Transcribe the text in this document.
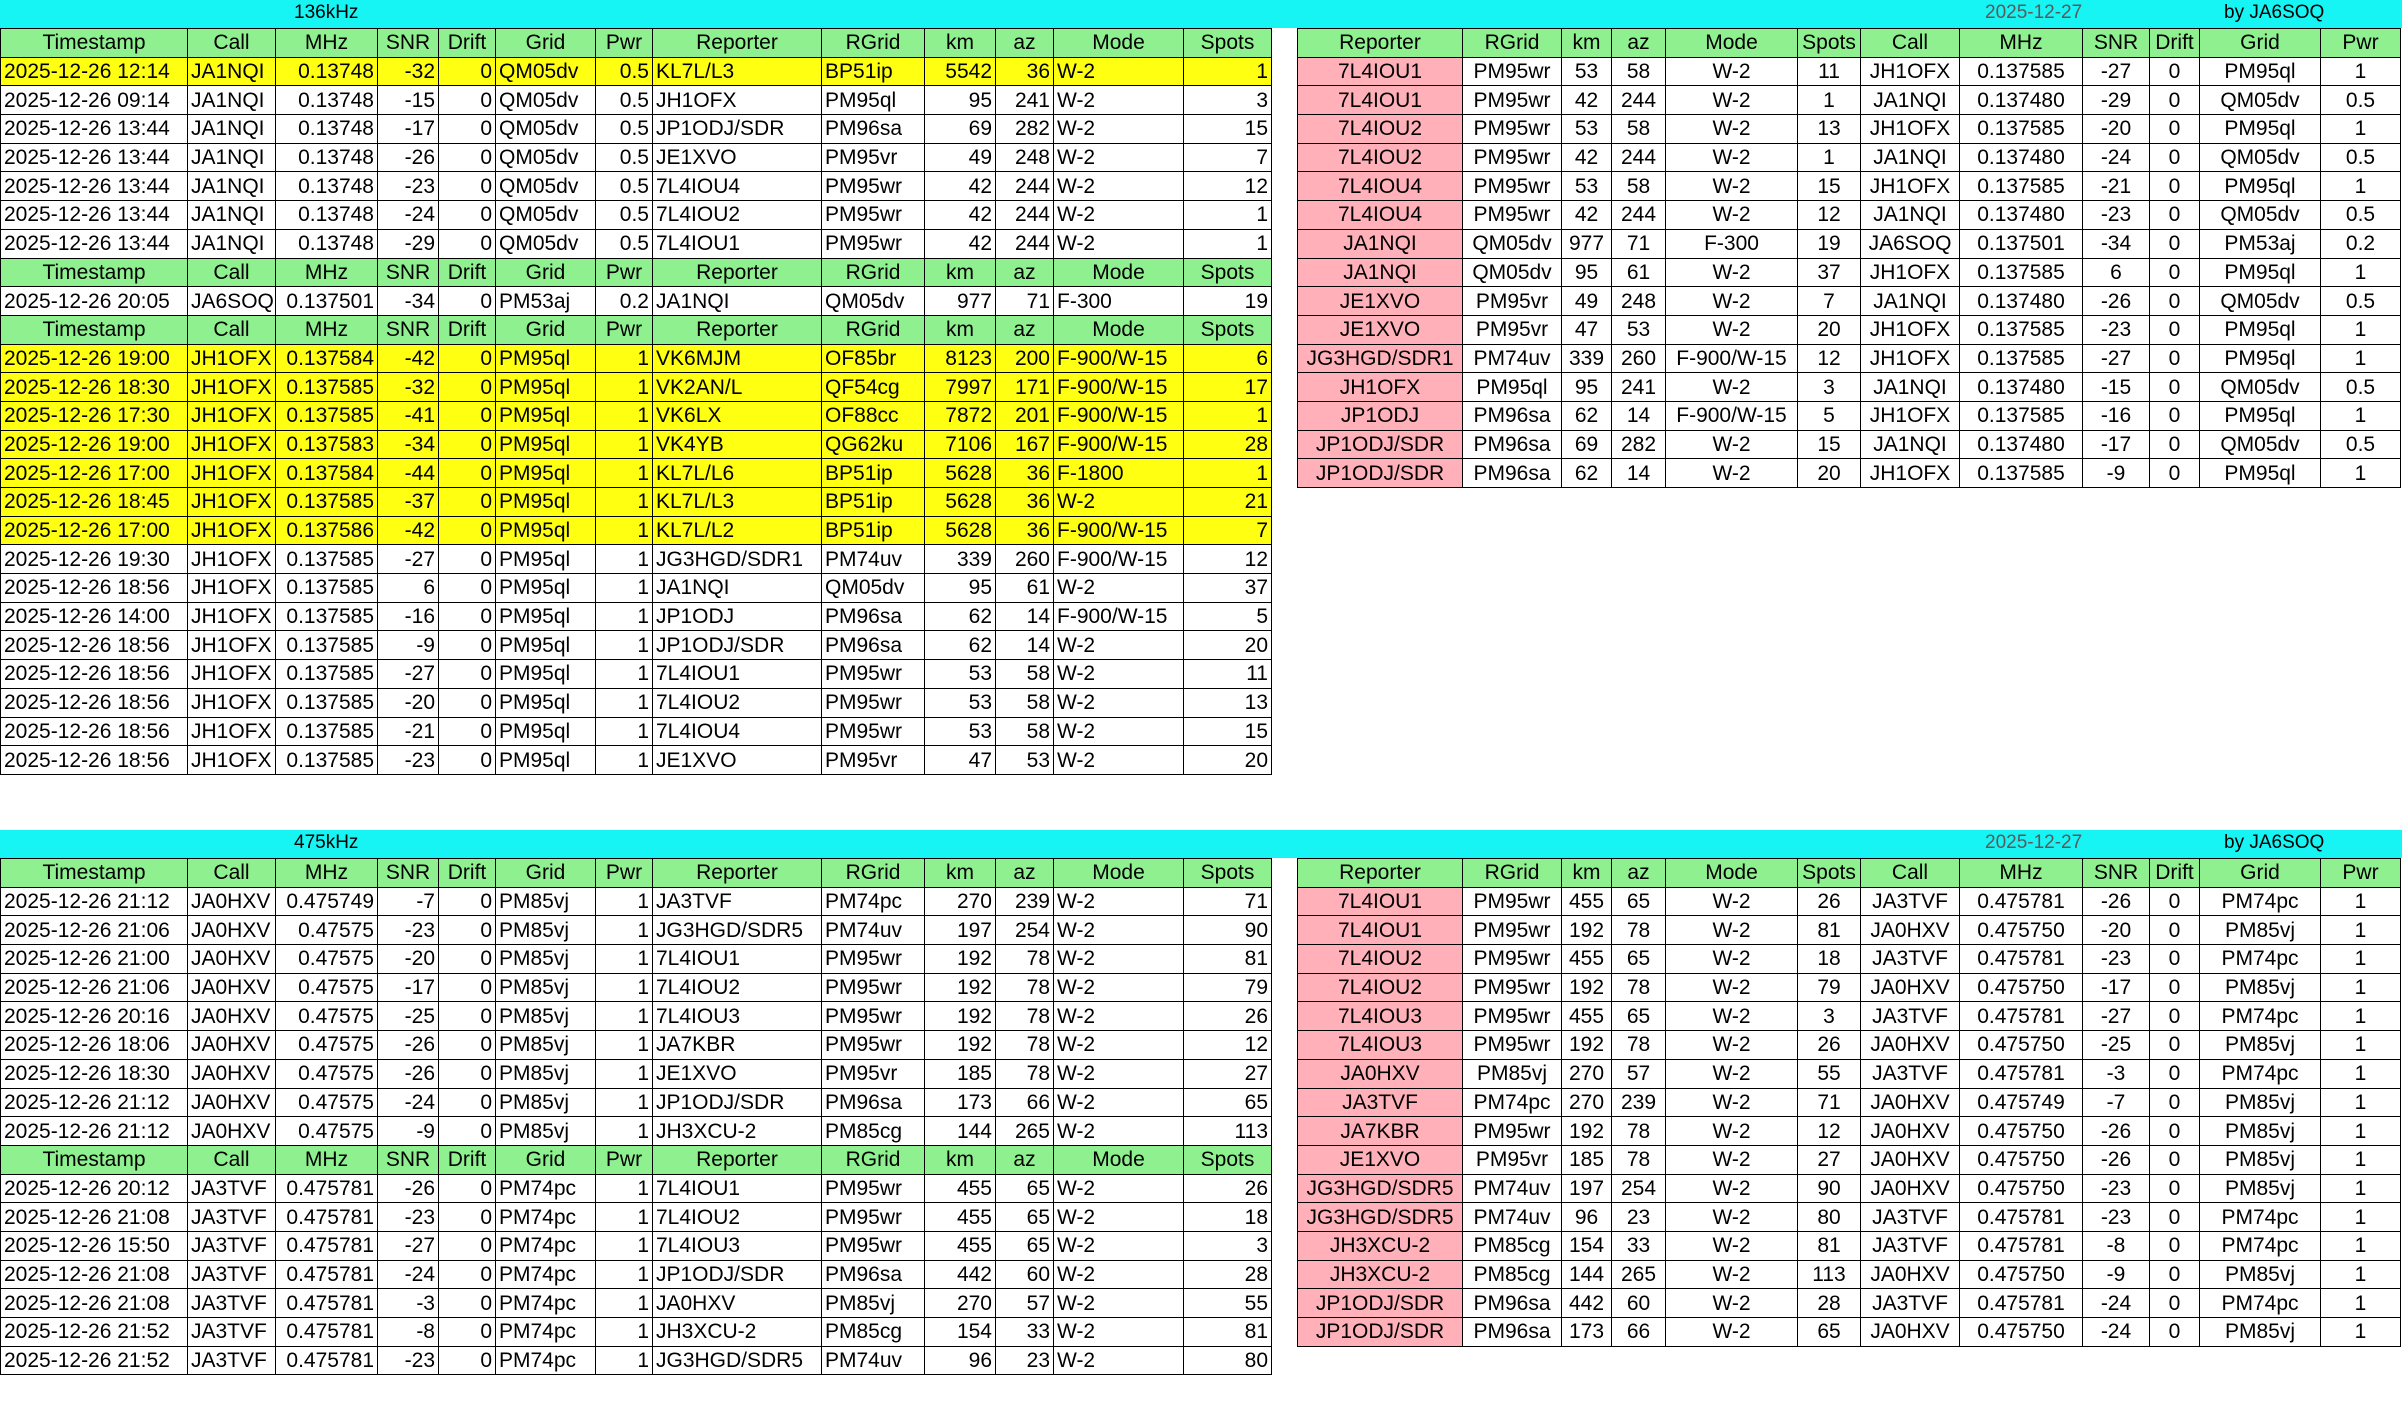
136kHz	2025-12-27	by JA6SOQ
Timestamp	Call	MHz	SNR	Drift	Grid	Pwr	Reporter	RGrid	km	az	Mode	Spots
2025-12-26 12:14	JA1NQI	0.13748	-32	0	QM05dv	0.5	KL7L/L3	BP51ip	5542	36	W-2	1
2025-12-26 09:14	JA1NQI	0.13748	-15	0	QM05dv	0.5	JH1OFX	PM95ql	95	241	W-2	3
2025-12-26 13:44	JA1NQI	0.13748	-17	0	QM05dv	0.5	JP1ODJ/SDR	PM96sa	69	282	W-2	15
2025-12-26 13:44	JA1NQI	0.13748	-26	0	QM05dv	0.5	JE1XVO	PM95vr	49	248	W-2	7
2025-12-26 13:44	JA1NQI	0.13748	-23	0	QM05dv	0.5	7L4IOU4	PM95wr	42	244	W-2	12
2025-12-26 13:44	JA1NQI	0.13748	-24	0	QM05dv	0.5	7L4IOU2	PM95wr	42	244	W-2	1
2025-12-26 13:44	JA1NQI	0.13748	-29	0	QM05dv	0.5	7L4IOU1	PM95wr	42	244	W-2	1
Timestamp	Call	MHz	SNR	Drift	Grid	Pwr	Reporter	RGrid	km	az	Mode	Spots
2025-12-26 20:05	JA6SOQ	0.137501	-34	0	PM53aj	0.2	JA1NQI	QM05dv	977	71	F-300	19
Timestamp	Call	MHz	SNR	Drift	Grid	Pwr	Reporter	RGrid	km	az	Mode	Spots
2025-12-26 19:00	JH1OFX	0.137584	-42	0	PM95ql	1	VK6MJM	OF85br	8123	200	F-900/W-15	6
2025-12-26 18:30	JH1OFX	0.137585	-32	0	PM95ql	1	VK2AN/L	QF54cg	7997	171	F-900/W-15	17
2025-12-26 17:30	JH1OFX	0.137585	-41	0	PM95ql	1	VK6LX	OF88cc	7872	201	F-900/W-15	1
2025-12-26 19:00	JH1OFX	0.137583	-34	0	PM95ql	1	VK4YB	QG62ku	7106	167	F-900/W-15	28
2025-12-26 17:00	JH1OFX	0.137584	-44	0	PM95ql	1	KL7L/L6	BP51ip	5628	36	F-1800	1
2025-12-26 18:45	JH1OFX	0.137585	-37	0	PM95ql	1	KL7L/L3	BP51ip	5628	36	W-2	21
2025-12-26 17:00	JH1OFX	0.137586	-42	0	PM95ql	1	KL7L/L2	BP51ip	5628	36	F-900/W-15	7
2025-12-26 19:30	JH1OFX	0.137585	-27	0	PM95ql	1	JG3HGD/SDR1	PM74uv	339	260	F-900/W-15	12
2025-12-26 18:56	JH1OFX	0.137585	6	0	PM95ql	1	JA1NQI	QM05dv	95	61	W-2	37
2025-12-26 14:00	JH1OFX	0.137585	-16	0	PM95ql	1	JP1ODJ	PM96sa	62	14	F-900/W-15	5
2025-12-26 18:56	JH1OFX	0.137585	-9	0	PM95ql	1	JP1ODJ/SDR	PM96sa	62	14	W-2	20
2025-12-26 18:56	JH1OFX	0.137585	-27	0	PM95ql	1	7L4IOU1	PM95wr	53	58	W-2	11
2025-12-26 18:56	JH1OFX	0.137585	-20	0	PM95ql	1	7L4IOU2	PM95wr	53	58	W-2	13
2025-12-26 18:56	JH1OFX	0.137585	-21	0	PM95ql	1	7L4IOU4	PM95wr	53	58	W-2	15
2025-12-26 18:56	JH1OFX	0.137585	-23	0	PM95ql	1	JE1XVO	PM95vr	47	53	W-2	20
Reporter	RGrid	km	az	Mode	Spots	Call	MHz	SNR	Drift	Grid	Pwr
7L4IOU1	PM95wr	53	58	W-2	11	JH1OFX	0.137585	-27	0	PM95ql	1
7L4IOU1	PM95wr	42	244	W-2	1	JA1NQI	0.137480	-29	0	QM05dv	0.5
7L4IOU2	PM95wr	53	58	W-2	13	JH1OFX	0.137585	-20	0	PM95ql	1
7L4IOU2	PM95wr	42	244	W-2	1	JA1NQI	0.137480	-24	0	QM05dv	0.5
7L4IOU4	PM95wr	53	58	W-2	15	JH1OFX	0.137585	-21	0	PM95ql	1
7L4IOU4	PM95wr	42	244	W-2	12	JA1NQI	0.137480	-23	0	QM05dv	0.5
JA1NQI	QM05dv	977	71	F-300	19	JA6SOQ	0.137501	-34	0	PM53aj	0.2
JA1NQI	QM05dv	95	61	W-2	37	JH1OFX	0.137585	6	0	PM95ql	1
JE1XVO	PM95vr	49	248	W-2	7	JA1NQI	0.137480	-26	0	QM05dv	0.5
JE1XVO	PM95vr	47	53	W-2	20	JH1OFX	0.137585	-23	0	PM95ql	1
JG3HGD/SDR1	PM74uv	339	260	F-900/W-15	12	JH1OFX	0.137585	-27	0	PM95ql	1
JH1OFX	PM95ql	95	241	W-2	3	JA1NQI	0.137480	-15	0	QM05dv	0.5
JP1ODJ	PM96sa	62	14	F-900/W-15	5	JH1OFX	0.137585	-16	0	PM95ql	1
JP1ODJ/SDR	PM96sa	69	282	W-2	15	JA1NQI	0.137480	-17	0	QM05dv	0.5
JP1ODJ/SDR	PM96sa	62	14	W-2	20	JH1OFX	0.137585	-9	0	PM95ql	1
475kHz	2025-12-27	by JA6SOQ
Timestamp	Call	MHz	SNR	Drift	Grid	Pwr	Reporter	RGrid	km	az	Mode	Spots
2025-12-26 21:12	JA0HXV	0.475749	-7	0	PM85vj	1	JA3TVF	PM74pc	270	239	W-2	71
2025-12-26 21:06	JA0HXV	0.47575	-23	0	PM85vj	1	JG3HGD/SDR5	PM74uv	197	254	W-2	90
2025-12-26 21:00	JA0HXV	0.47575	-20	0	PM85vj	1	7L4IOU1	PM95wr	192	78	W-2	81
2025-12-26 21:06	JA0HXV	0.47575	-17	0	PM85vj	1	7L4IOU2	PM95wr	192	78	W-2	79
2025-12-26 20:16	JA0HXV	0.47575	-25	0	PM85vj	1	7L4IOU3	PM95wr	192	78	W-2	26
2025-12-26 18:06	JA0HXV	0.47575	-26	0	PM85vj	1	JA7KBR	PM95wr	192	78	W-2	12
2025-12-26 18:30	JA0HXV	0.47575	-26	0	PM85vj	1	JE1XVO	PM95vr	185	78	W-2	27
2025-12-26 21:12	JA0HXV	0.47575	-24	0	PM85vj	1	JP1ODJ/SDR	PM96sa	173	66	W-2	65
2025-12-26 21:12	JA0HXV	0.47575	-9	0	PM85vj	1	JH3XCU-2	PM85cg	144	265	W-2	113
Timestamp	Call	MHz	SNR	Drift	Grid	Pwr	Reporter	RGrid	km	az	Mode	Spots
2025-12-26 20:12	JA3TVF	0.475781	-26	0	PM74pc	1	7L4IOU1	PM95wr	455	65	W-2	26
2025-12-26 21:08	JA3TVF	0.475781	-23	0	PM74pc	1	7L4IOU2	PM95wr	455	65	W-2	18
2025-12-26 15:50	JA3TVF	0.475781	-27	0	PM74pc	1	7L4IOU3	PM95wr	455	65	W-2	3
2025-12-26 21:08	JA3TVF	0.475781	-24	0	PM74pc	1	JP1ODJ/SDR	PM96sa	442	60	W-2	28
2025-12-26 21:08	JA3TVF	0.475781	-3	0	PM74pc	1	JA0HXV	PM85vj	270	57	W-2	55
2025-12-26 21:52	JA3TVF	0.475781	-8	0	PM74pc	1	JH3XCU-2	PM85cg	154	33	W-2	81
2025-12-26 21:52	JA3TVF	0.475781	-23	0	PM74pc	1	JG3HGD/SDR5	PM74uv	96	23	W-2	80
Reporter	RGrid	km	az	Mode	Spots	Call	MHz	SNR	Drift	Grid	Pwr
7L4IOU1	PM95wr	455	65	W-2	26	JA3TVF	0.475781	-26	0	PM74pc	1
7L4IOU1	PM95wr	192	78	W-2	81	JA0HXV	0.475750	-20	0	PM85vj	1
7L4IOU2	PM95wr	455	65	W-2	18	JA3TVF	0.475781	-23	0	PM74pc	1
7L4IOU2	PM95wr	192	78	W-2	79	JA0HXV	0.475750	-17	0	PM85vj	1
7L4IOU3	PM95wr	455	65	W-2	3	JA3TVF	0.475781	-27	0	PM74pc	1
7L4IOU3	PM95wr	192	78	W-2	26	JA0HXV	0.475750	-25	0	PM85vj	1
JA0HXV	PM85vj	270	57	W-2	55	JA3TVF	0.475781	-3	0	PM74pc	1
JA3TVF	PM74pc	270	239	W-2	71	JA0HXV	0.475749	-7	0	PM85vj	1
JA7KBR	PM95wr	192	78	W-2	12	JA0HXV	0.475750	-26	0	PM85vj	1
JE1XVO	PM95vr	185	78	W-2	27	JA0HXV	0.475750	-26	0	PM85vj	1
JG3HGD/SDR5	PM74uv	197	254	W-2	90	JA0HXV	0.475750	-23	0	PM85vj	1
JG3HGD/SDR5	PM74uv	96	23	W-2	80	JA3TVF	0.475781	-23	0	PM74pc	1
JH3XCU-2	PM85cg	154	33	W-2	81	JA3TVF	0.475781	-8	0	PM74pc	1
JH3XCU-2	PM85cg	144	265	W-2	113	JA0HXV	0.475750	-9	0	PM85vj	1
JP1ODJ/SDR	PM96sa	442	60	W-2	28	JA3TVF	0.475781	-24	0	PM74pc	1
JP1ODJ/SDR	PM96sa	173	66	W-2	65	JA0HXV	0.475750	-24	0	PM85vj	1
